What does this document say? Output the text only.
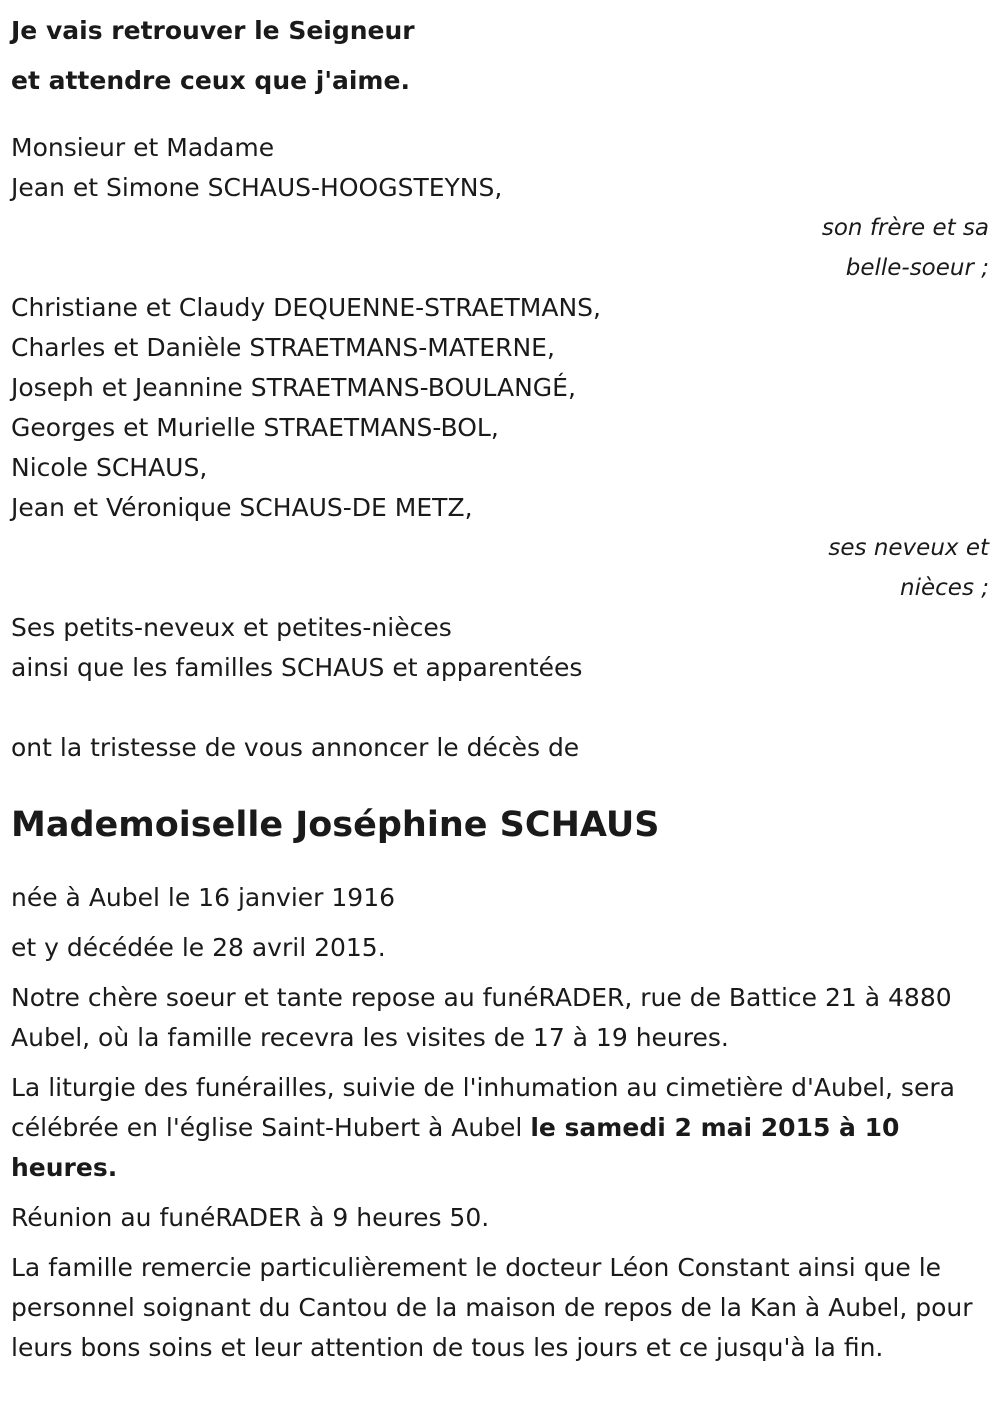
Je vais retrouver le Seigneur
et attendre ceux que j'aime.
Monsieur et Madame
Jean et Simone SCHAUS-HOOGSTEYNS,
son frère et sa
belle-soeur ;
Christiane et Claudy DEQUENNE-STRAETMANS,
Charles et Danièle STRAETMANS-MATERNE,
Joseph et Jeannine STRAETMANS-BOULANGÉ,
Georges et Murielle STRAETMANS-BOL,
Nicole SCHAUS,
Jean et Véronique SCHAUS-DE METZ,
ses neveux et
nièces ;
Ses petits-neveux et petites-nièces
ainsi que les familles SCHAUS et apparentées
ont la tristesse de vous annoncer le décès de
Mademoiselle Joséphine SCHAUS
née à Aubel le 16 janvier 1916
et y décédée le 28 avril 2015.
Notre chère soeur et tante repose au funéRADER, rue de Battice 21 à 4880 Aubel, où la famille recevra les visites de 17 à 19 heures.
La liturgie des funérailles, suivie de l'inhumation au cimetière d'Aubel, sera célébrée en l'église Saint-Hubert à Aubel le samedi 2 mai 2015 à 10 heures.
Réunion au funéRADER à 9 heures 50.
La famille remercie particulièrement le docteur Léon Constant ainsi que le personnel soignant du Cantou de la maison de repos de la Kan à Aubel, pour leurs bons soins et leur attention de tous les jours et ce jusqu'à la fin.
